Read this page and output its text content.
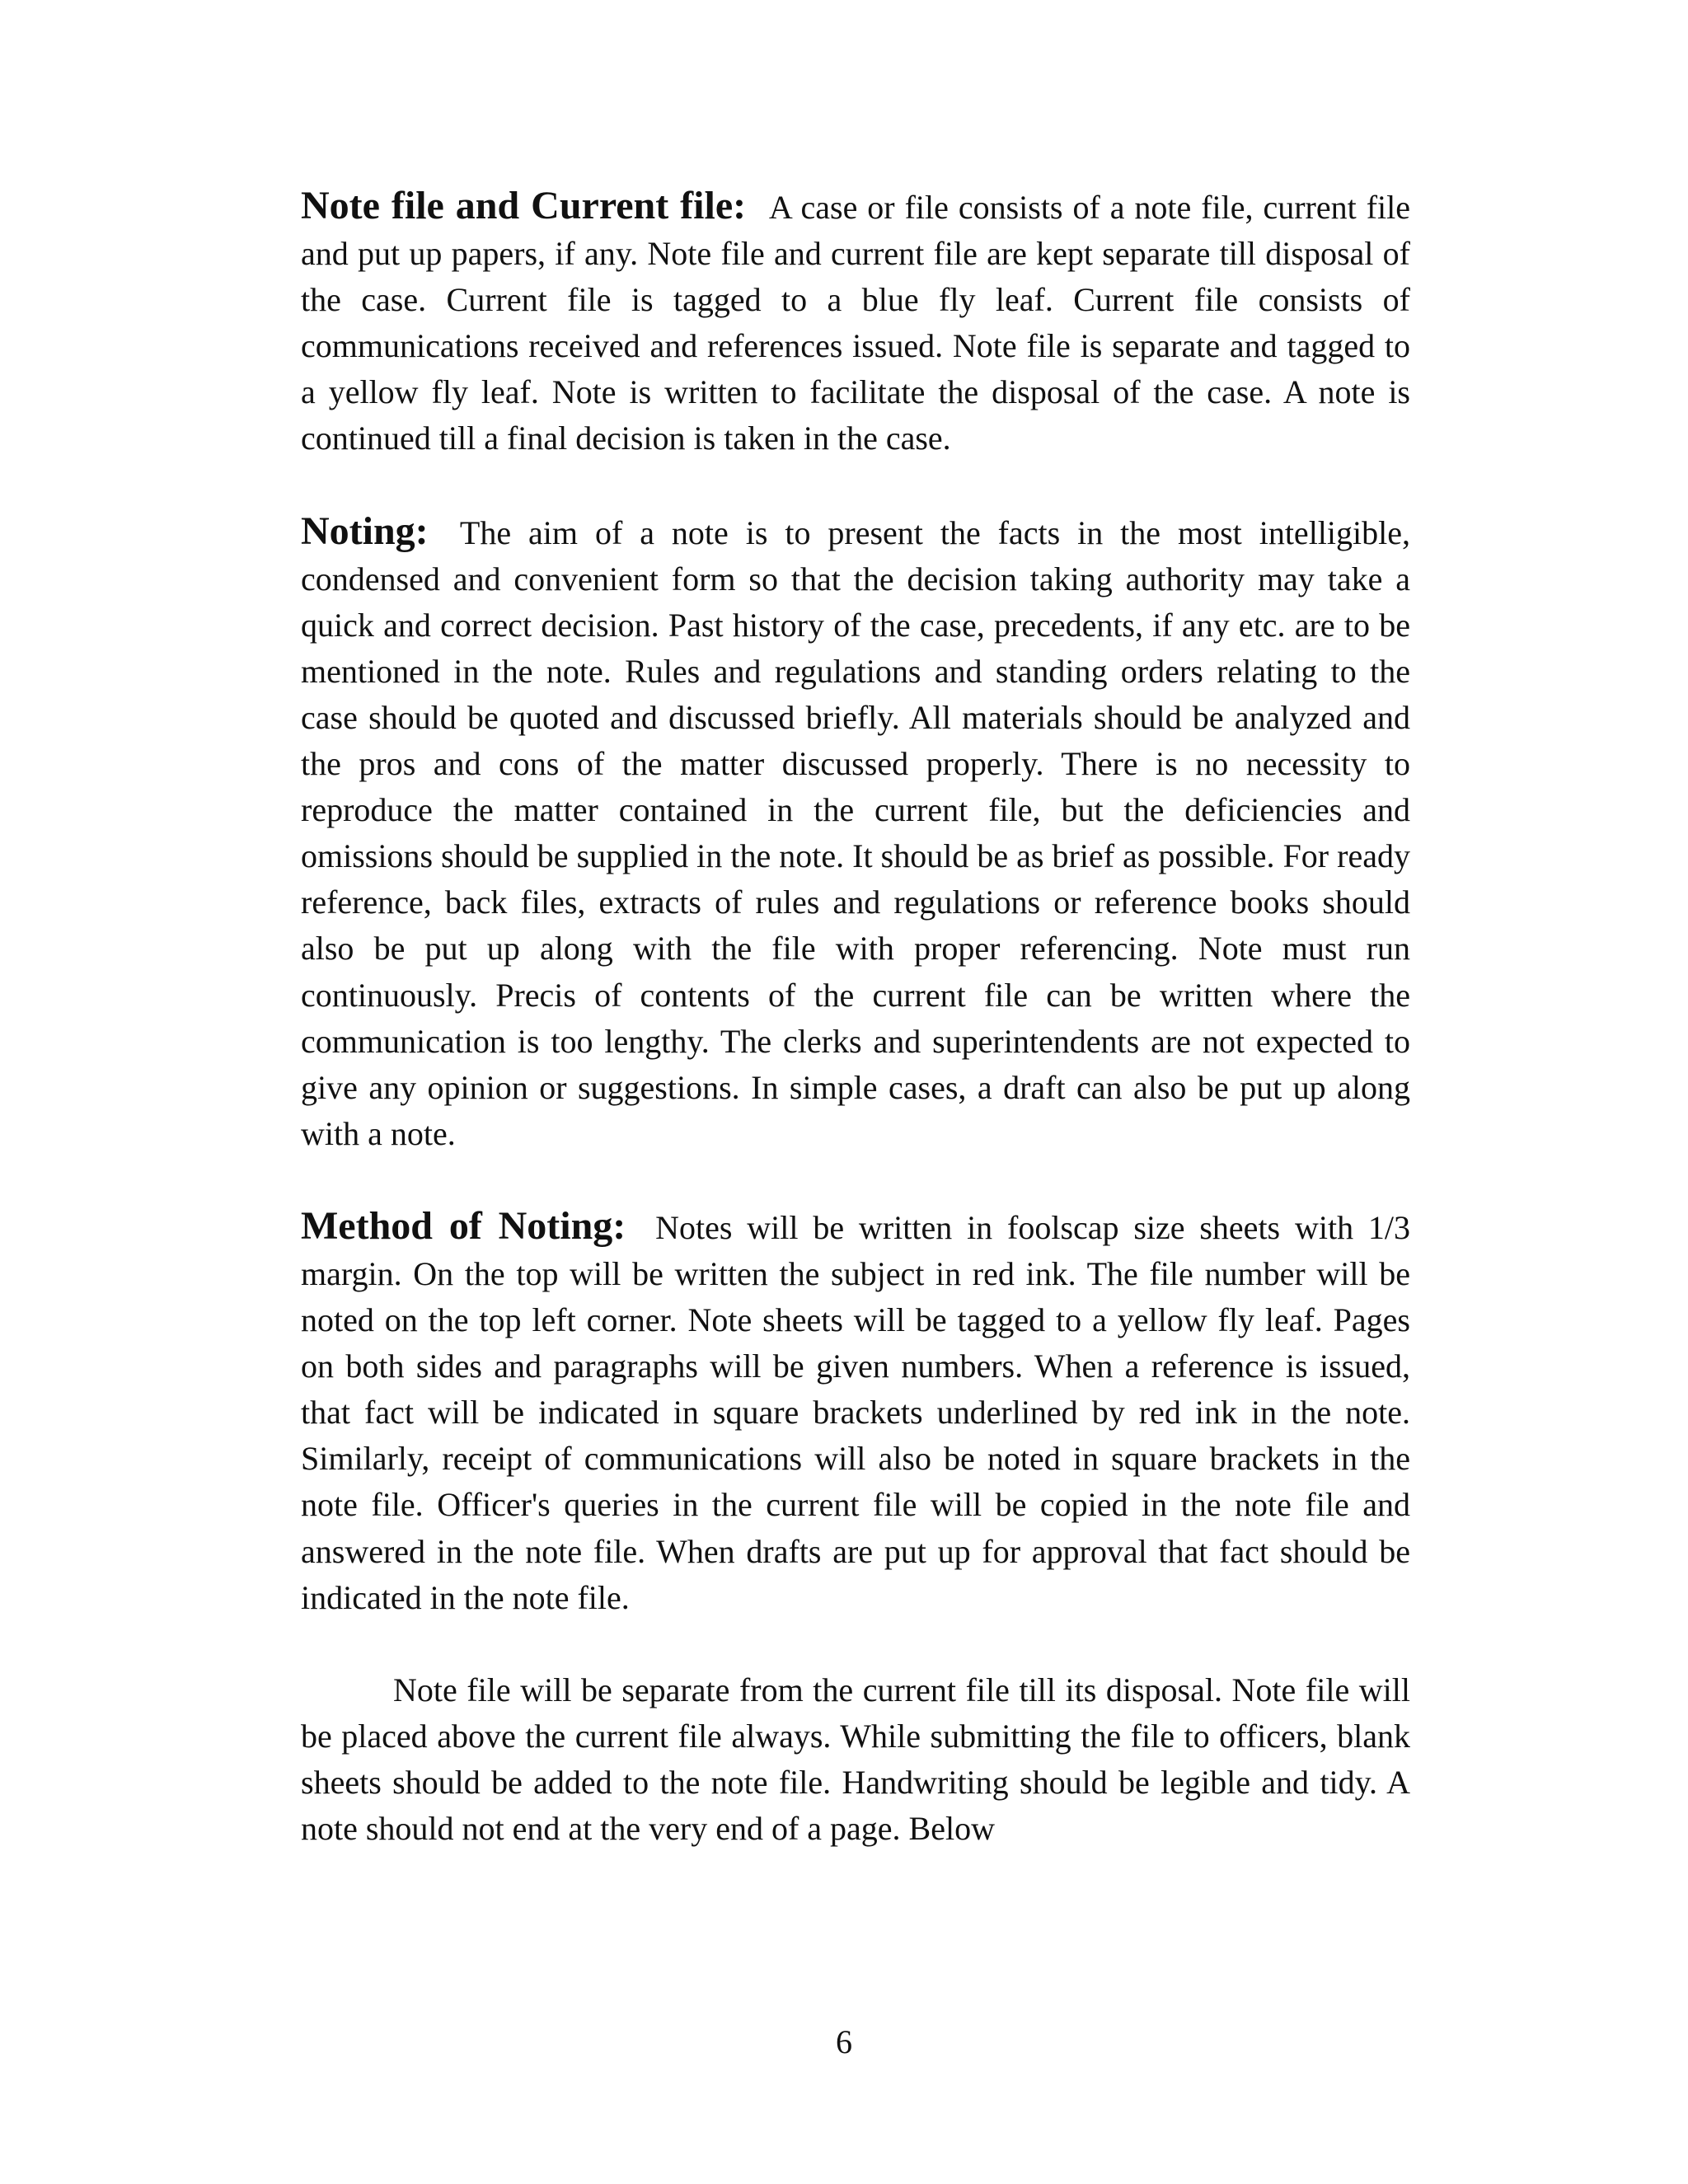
Note file and Current file: A case or file consists of a note file, current file and put up papers, if any. Note file and current file are kept separate till disposal of the case. Current file is tagged to a blue fly leaf. Current file consists of communications received and references issued. Note file is separate and tagged to a yellow fly leaf. Note is written to facilitate the disposal of the case. A note is continued till a final decision is taken in the case.

Noting: The aim of a note is to present the facts in the most intelligible, condensed and convenient form so that the decision taking authority may take a quick and correct decision. Past history of the case, precedents, if any etc. are to be mentioned in the note. Rules and regulations and standing orders relating to the case should be quoted and discussed briefly. All materials should be analyzed and the pros and cons of the matter discussed properly. There is no necessity to reproduce the matter contained in the current file, but the deficiencies and omissions should be supplied in the note. It should be as brief as possible. For ready reference, back files, extracts of rules and regulations or reference books should also be put up along with the file with proper referencing. Note must run continuously. Precis of contents of the current file can be written where the communication is too lengthy. The clerks and superintendents are not expected to give any opinion or suggestions. In simple cases, a draft can also be put up along with a note.

Method of Noting: Notes will be written in foolscap size sheets with 1/3 margin. On the top will be written the subject in red ink. The file number will be noted on the top left corner. Note sheets will be tagged to a yellow fly leaf. Pages on both sides and paragraphs will be given numbers. When a reference is issued, that fact will be indicated in square brackets underlined by red ink in the note. Similarly, receipt of communications will also be noted in square brackets in the note file. Officer's queries in the current file will be copied in the note file and answered in the note file. When drafts are put up for approval that fact should be indicated in the note file.

Note file will be separate from the current file till its disposal. Note file will be placed above the current file always. While submitting the file to officers, blank sheets should be added to the note file. Handwriting should be legible and tidy. A note should not end at the very end of a page. Below

6
